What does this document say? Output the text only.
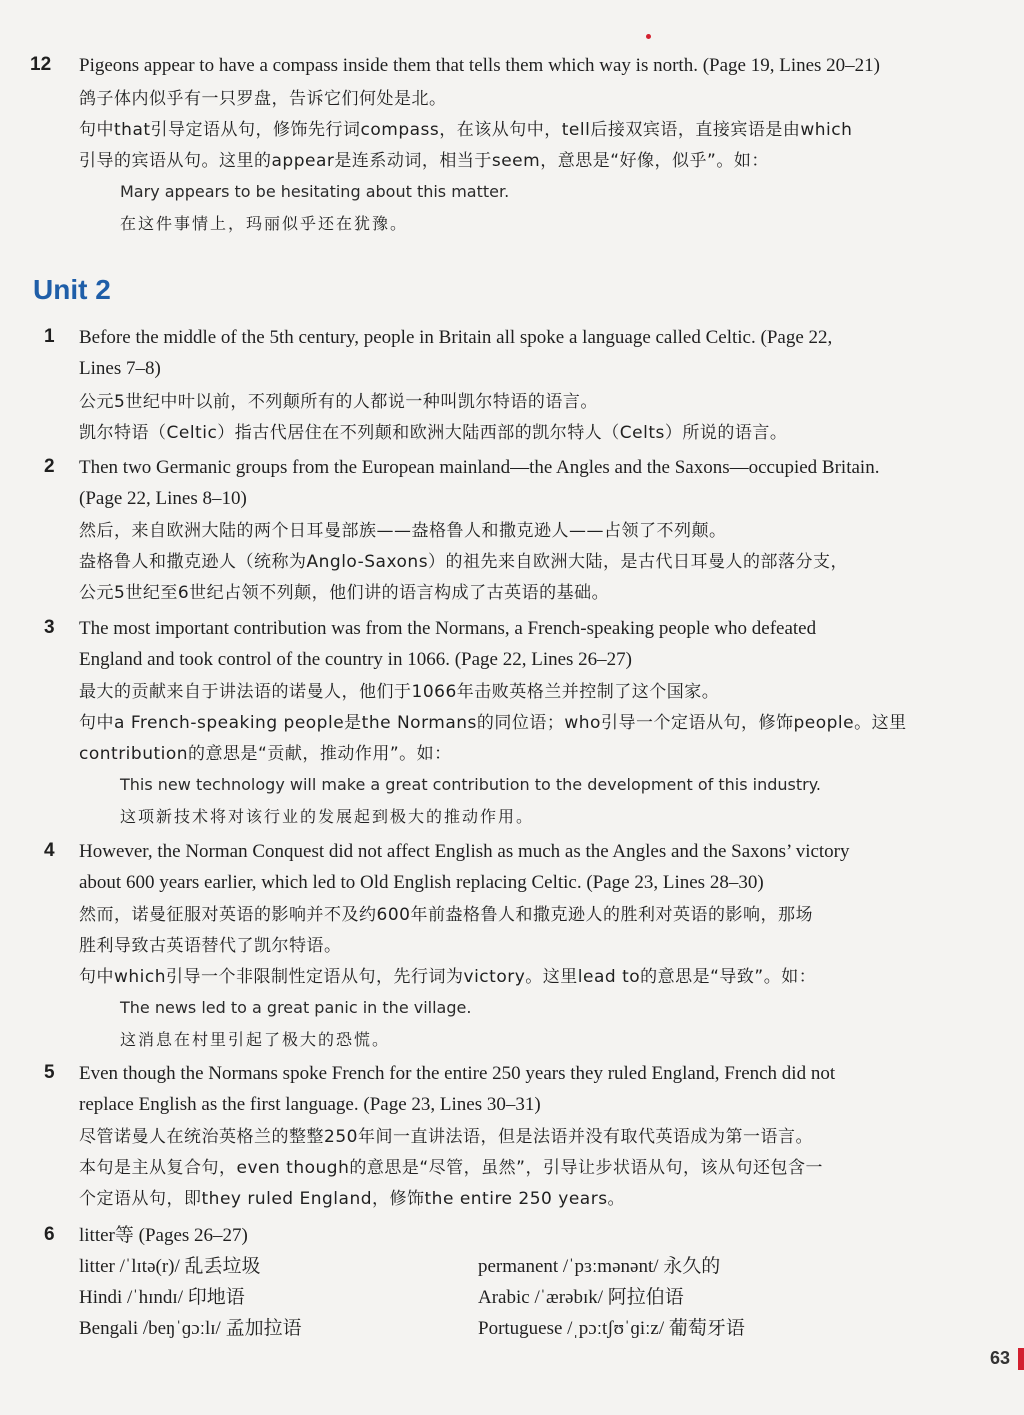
12 Pigeons appear to have a compass inside them that tells them which way is north. (Page 19, Lines 20–21)
鸽子体内似乎有一只罗盘，告诉它们何处是北。
句中that引导定语从句，修饰先行词compass，在该从句中，tell后接双宾语，直接宾语是由which
引导的宾语从句。这里的appear是连系动词，相当于seem，意思是“好像，似乎”。如：
Mary appears to be hesitating about this matter.
在这件事情上，玛丽似乎还在犹豫。
Unit 2
1 Before the middle of the 5th century, people in Britain all spoke a language called Celtic. (Page 22,
Lines 7–8)
公元5世纪中叶以前，不列颠所有的人都说一种叫凯尔特语的语言。
凯尔特语（Celtic）指古代居住在不列颠和欧洲大陆西部的凯尔特人（Celts）所说的语言。
2 Then two Germanic groups from the European mainland—the Angles and the Saxons—occupied Britain.
(Page 22, Lines 8–10)
然后，来自欧洲大陆的两个日耳曼部族——盎格鲁人和撒克逊人——占领了不列颠。
盎格鲁人和撒克逊人（统称为Anglo-Saxons）的祖先来自欧洲大陆，是古代日耳曼人的部落分支，
公元5世纪至6世纪占领不列颠，他们讲的语言构成了古英语的基础。
3 The most important contribution was from the Normans, a French-speaking people who defeated
England and took control of the country in 1066. (Page 22, Lines 26–27)
最大的贡献来自于讲法语的诺曼人，他们于1066年击败英格兰并控制了这个国家。
句中a French-speaking people是the Normans的同位语；who引导一个定语从句，修饰people。这里
contribution的意思是“贡献，推动作用”。如：
This new technology will make a great contribution to the development of this industry.
这项新技术将对该行业的发展起到极大的推动作用。
4 However, the Norman Conquest did not affect English as much as the Angles and the Saxons’ victory
about 600 years earlier, which led to Old English replacing Celtic. (Page 23, Lines 28–30)
然而，诺曼征服对英语的影响并不及约600年前盎格鲁人和撒克逊人的胜利对英语的影响，那场
胜利导致古英语替代了凯尔特语。
句中which引导一个非限制性定语从句，先行词为victory。这里lead to的意思是“导致”。如：
The news led to a great panic in the village.
这消息在村里引起了极大的恐慌。
5 Even though the Normans spoke French for the entire 250 years they ruled England, French did not
replace English as the first language. (Page 23, Lines 30–31)
尽管诺曼人在统治英格兰的整整250年间一直讲法语，但是法语并没有取代英语成为第一语言。
本句是主从复合句，even though的意思是“尽管，虽然”，引导让步状语从句，该从句还包含一
个定语从句，即they ruled England，修饰the entire 250 years。
6 litter等 (Pages 26–27)
litter /ˈlɪtə(r)/ 乱丢垃圾
Hindi /ˈhɪndɪ/ 印地语
Bengali /beŋˈɡɔːlɪ/ 孟加拉语
permanent /ˈpɜːmənənt/ 永久的
Arabic /ˈærəbɪk/ 阿拉伯语
Portuguese /ˌpɔːtʃʊˈɡiːz/ 葡萄牙语
63
